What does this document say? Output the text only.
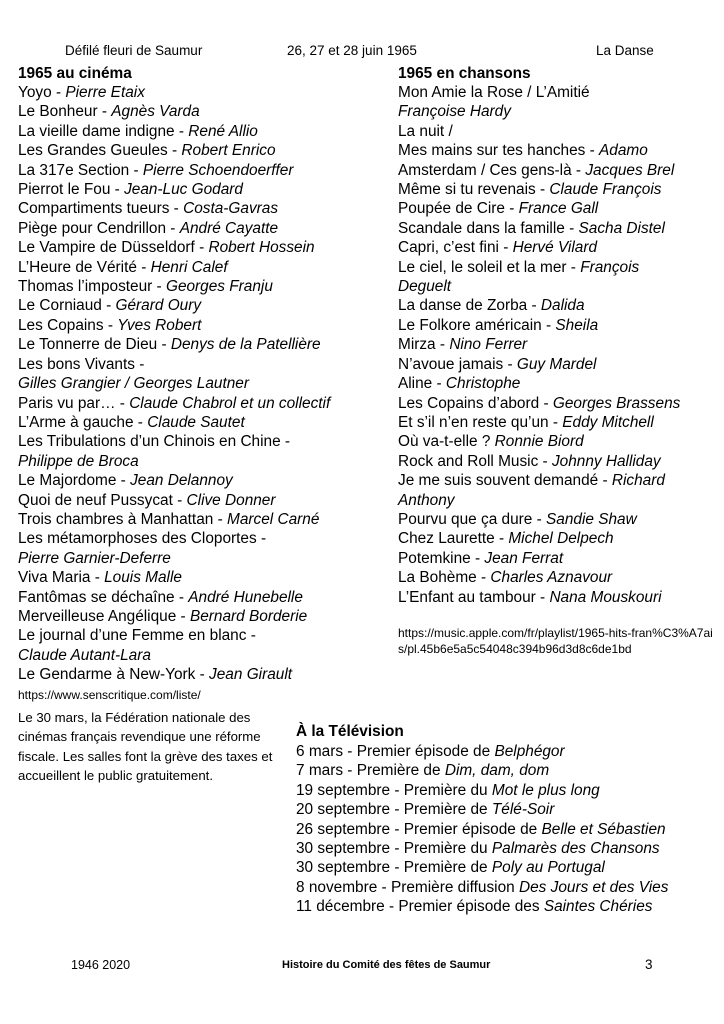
Défilé fleuri de Saumur	26, 27 et 28 juin 1965	La Danse
1965 au cinéma
Yoyo - Pierre Etaix
Le Bonheur - Agnès Varda
La vieille dame indigne - René Allio
Les Grandes Gueules - Robert Enrico
La 317e Section - Pierre Schoendoerffer
Pierrot le Fou - Jean-Luc Godard
Compartiments tueurs - Costa-Gavras
Piège pour Cendrillon - André Cayatte
Le Vampire de Düsseldorf - Robert Hossein
L’Heure de Vérité - Henri Calef
Thomas l’imposteur - Georges Franju
Le Corniaud - Gérard Oury
Les Copains - Yves Robert
Le Tonnerre de Dieu - Denys de la Patellière
Les bons Vivants -
Gilles Grangier / Georges Lautner
Paris vu par… - Claude Chabrol et un collectif
L’Arme à gauche - Claude Sautet
Les Tribulations d’un Chinois en Chine -
Philippe de Broca
Le Majordome - Jean Delannoy
Quoi de neuf Pussycat - Clive Donner
Trois chambres à Manhattan - Marcel Carné
Les métamorphoses des Cloportes -
Pierre Garnier-Deferre
Viva Maria - Louis Malle
Fantômas se déchaîne - André Hunebelle
Merveilleuse Angélique - Bernard Borderie
Le journal d’une Femme en blanc -
Claude Autant-Lara
Le Gendarme à New-York - Jean Girault
https://www.senscritique.com/liste/
Le 30 mars, la Fédération nationale des cinémas français revendique une réforme fiscale. Les salles font la grève des taxes et accueillent le public gratuitement.
1965 en chansons
Mon Amie la Rose / L’Amitié
Françoise Hardy
La nuit /
Mes mains sur tes hanches - Adamo
Amsterdam / Ces gens-là - Jacques Brel
Même si tu revenais - Claude François
Poupée de Cire - France Gall
Scandale dans la famille - Sacha Distel
Capri, c’est fini - Hervé Vilard
Le ciel, le soleil et la mer - François
Deguelt
La danse de Zorba - Dalida
Le Folkore américain - Sheila
Mirza - Nino Ferrer
N’avoue jamais - Guy Mardel
Aline - Christophe
Les Copains d’abord - Georges Brassens
Et s’il n’en reste qu’un - Eddy Mitchell
Où va-t-elle ? Ronnie Biord
Rock and Roll Music - Johnny Halliday
Je me suis souvent demandé - Richard
Anthony
Pourvu que ça dure - Sandie Shaw
Chez Laurette - Michel Delpech
Potemkine - Jean Ferrat
La Bohème - Charles Aznavour
L’Enfant au tambour - Nana Mouskouri
https://music.apple.com/fr/playlist/1965-hits-fran%C3%A7ais/pl.45b6e5a5c54048c394b96d3d8c6de1bd
À la Télévision
6 mars - Premier épisode de Belphégor
7 mars - Première de Dim, dam, dom
19 septembre - Première du Mot le plus long
20 septembre - Première de Télé-Soir
26 septembre - Premier épisode de Belle et Sébastien
30 septembre - Première du Palmarès des Chansons
30 septembre - Première de Poly au Portugal
8 novembre - Première diffusion Des Jours et des Vies
11 décembre - Premier épisode des Saintes Chéries
1946 2020	Histoire du Comité des fêtes de Saumur	3
